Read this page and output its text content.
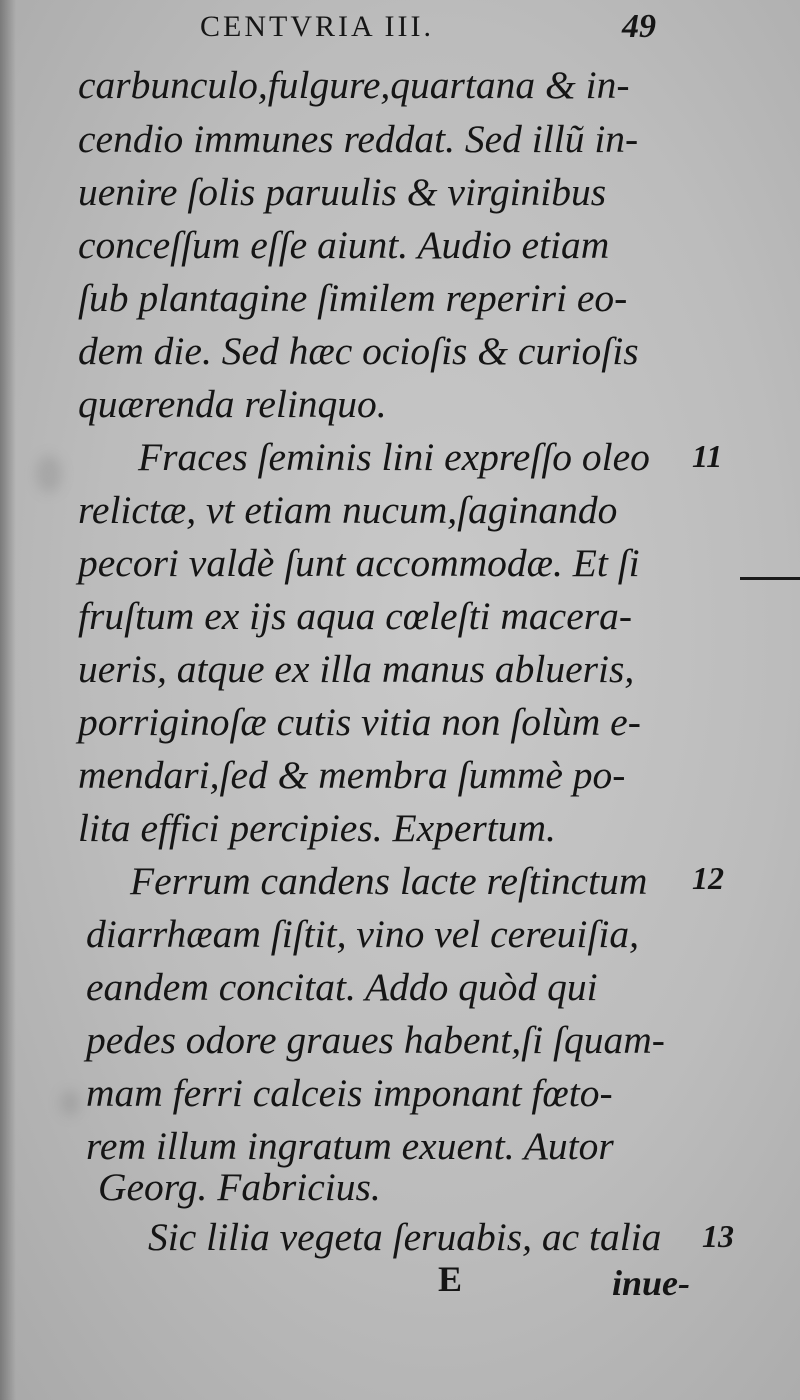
CENTVRIA III.	49
carbunculo,fulgure,quartana & in-
cendio immunes reddat. Sed illũ in-
uenire ſolis paruulis & virginibus
conceſſum eſſe aiunt. Audio etiam
ſub plantagine ſimilem reperiri eo-
dem die. Sed hæc ocioſis & curioſis
quærenda relinquo.
Fraces ſeminis lini expreſſo oleo 11
relictæ, vt etiam nucum,ſaginando
pecori valdè ſunt accommodæ. Et ſi
fruſtum ex ijs aqua cœleſti macera-
ueris, atque ex illa manus ablueris,
porriginoſæ cutis vitia non ſolùm e-
mendari,ſed & membra ſummè po-
lita effici percipies. Expertum.
Ferrum candens lacte reſtinctum 12
diarrhæam ſiſtit, vino vel cereuiſia,
eandem concitat. Addo quòd qui
pedes odore graues habent,ſi ſquam-
mam ferri calceis imponant fœto-
rem illum ingratum exuent. Autor
Georg. Fabricius.
Sic lilia vegeta ſeruabis, ac talia 13
E	inue-
